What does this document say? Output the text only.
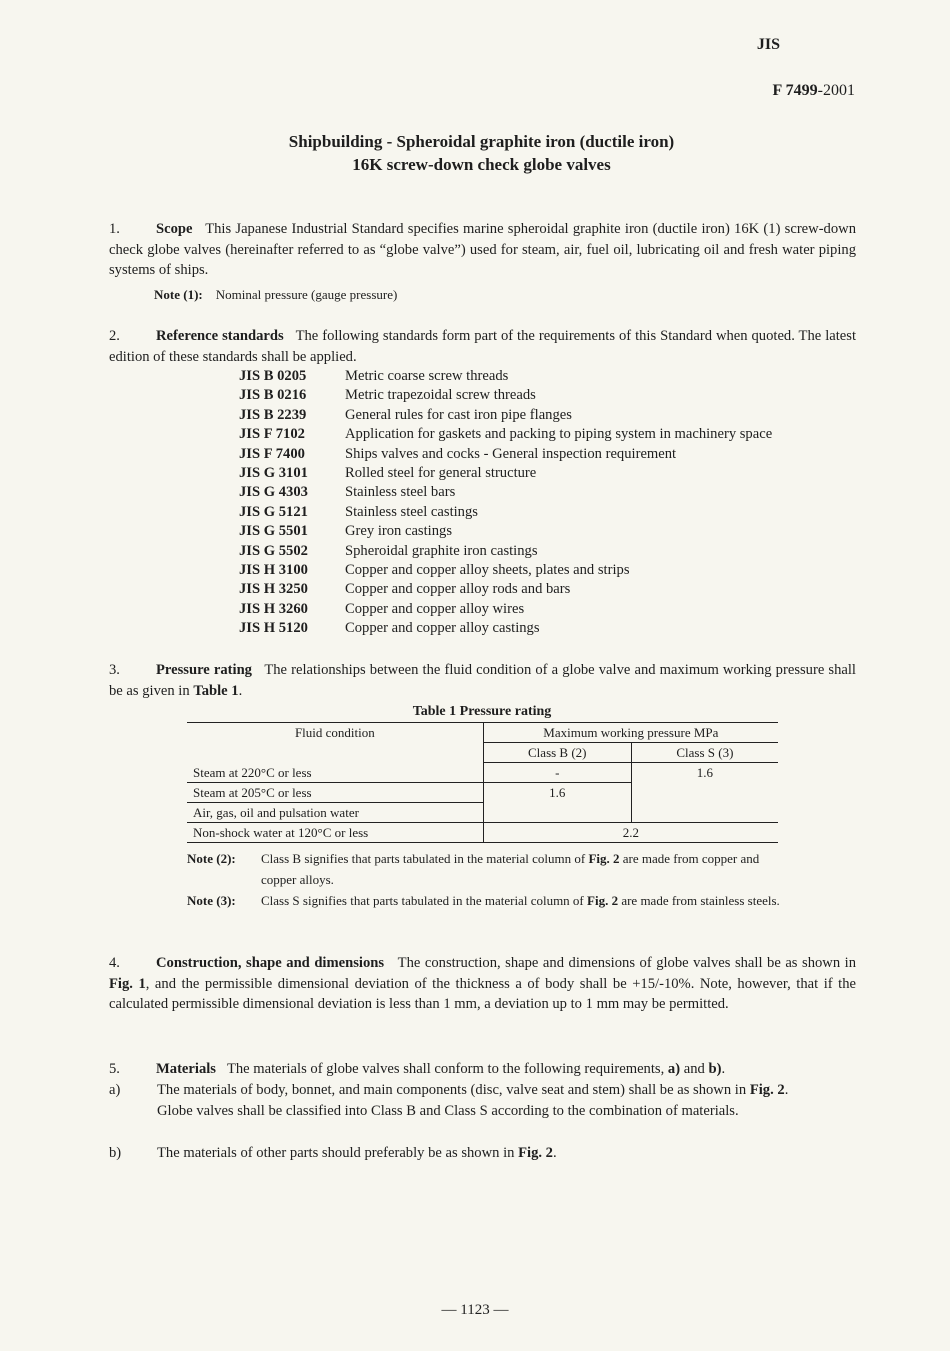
JIS
F 7499-2001
Shipbuilding - Spheroidal graphite iron (ductile iron)
16K screw-down check globe valves
1. Scope This Japanese Industrial Standard specifies marine spheroidal graphite iron (ductile iron) 16K (1) screw-down check globe valves (hereinafter referred to as “globe valve”) used for steam, air, fuel oil, lubricating oil and fresh water piping systems of ships.
Note (1): Nominal pressure (gauge pressure)
2. Reference standards The following standards form part of the requirements of this Standard when quoted. The latest edition of these standards shall be applied.
JIS B 0205	Metric coarse screw threads
JIS B 0216	Metric trapezoidal screw threads
JIS B 2239	General rules for cast iron pipe flanges
JIS F 7102	Application for gaskets and packing to piping system in machinery space
JIS F 7400	Ships valves and cocks - General inspection requirement
JIS G 3101	Rolled steel for general structure
JIS G 4303	Stainless steel bars
JIS G 5121	Stainless steel castings
JIS G 5501	Grey iron castings
JIS G 5502	Spheroidal graphite iron castings
JIS H 3100	Copper and copper alloy sheets, plates and strips
JIS H 3250	Copper and copper alloy rods and bars
JIS H 3260	Copper and copper alloy wires
JIS H 5120	Copper and copper alloy castings
3. Pressure rating The relationships between the fluid condition of a globe valve and maximum working pressure shall be as given in Table 1.
Table 1 Pressure rating
Fluid condition	Maximum working pressure MPa	
	Class B (2)	Class S (3)
Steam at 220°C or less	-	1.6
Steam at 205°C or less	1.6	
Air, gas, oil and pulsation water		
Non-shock water at 120°C or less	2.2	
Note (2):	Class B signifies that parts tabulated in the material column of Fig. 2 are made from copper and copper alloys.
Note (3):	Class S signifies that parts tabulated in the material column of Fig. 2 are made from stainless steels.
4. Construction, shape and dimensions The construction, shape and dimensions of globe valves shall be as shown in Fig. 1, and the permissible dimensional deviation of the thickness a of body shall be +15/-10%. Note, however, that if the calculated permissible dimensional deviation is less than 1 mm, a deviation up to 1 mm may be permitted.
5. Materials The materials of globe valves shall conform to the following requirements, a) and b).
a)	The materials of body, bonnet, and main components (disc, valve seat and stem) shall be as shown in Fig. 2.
Globe valves shall be classified into Class B and Class S according to the combination of materials.
b)	The materials of other parts should preferably be as shown in Fig. 2.
— 1123 —
